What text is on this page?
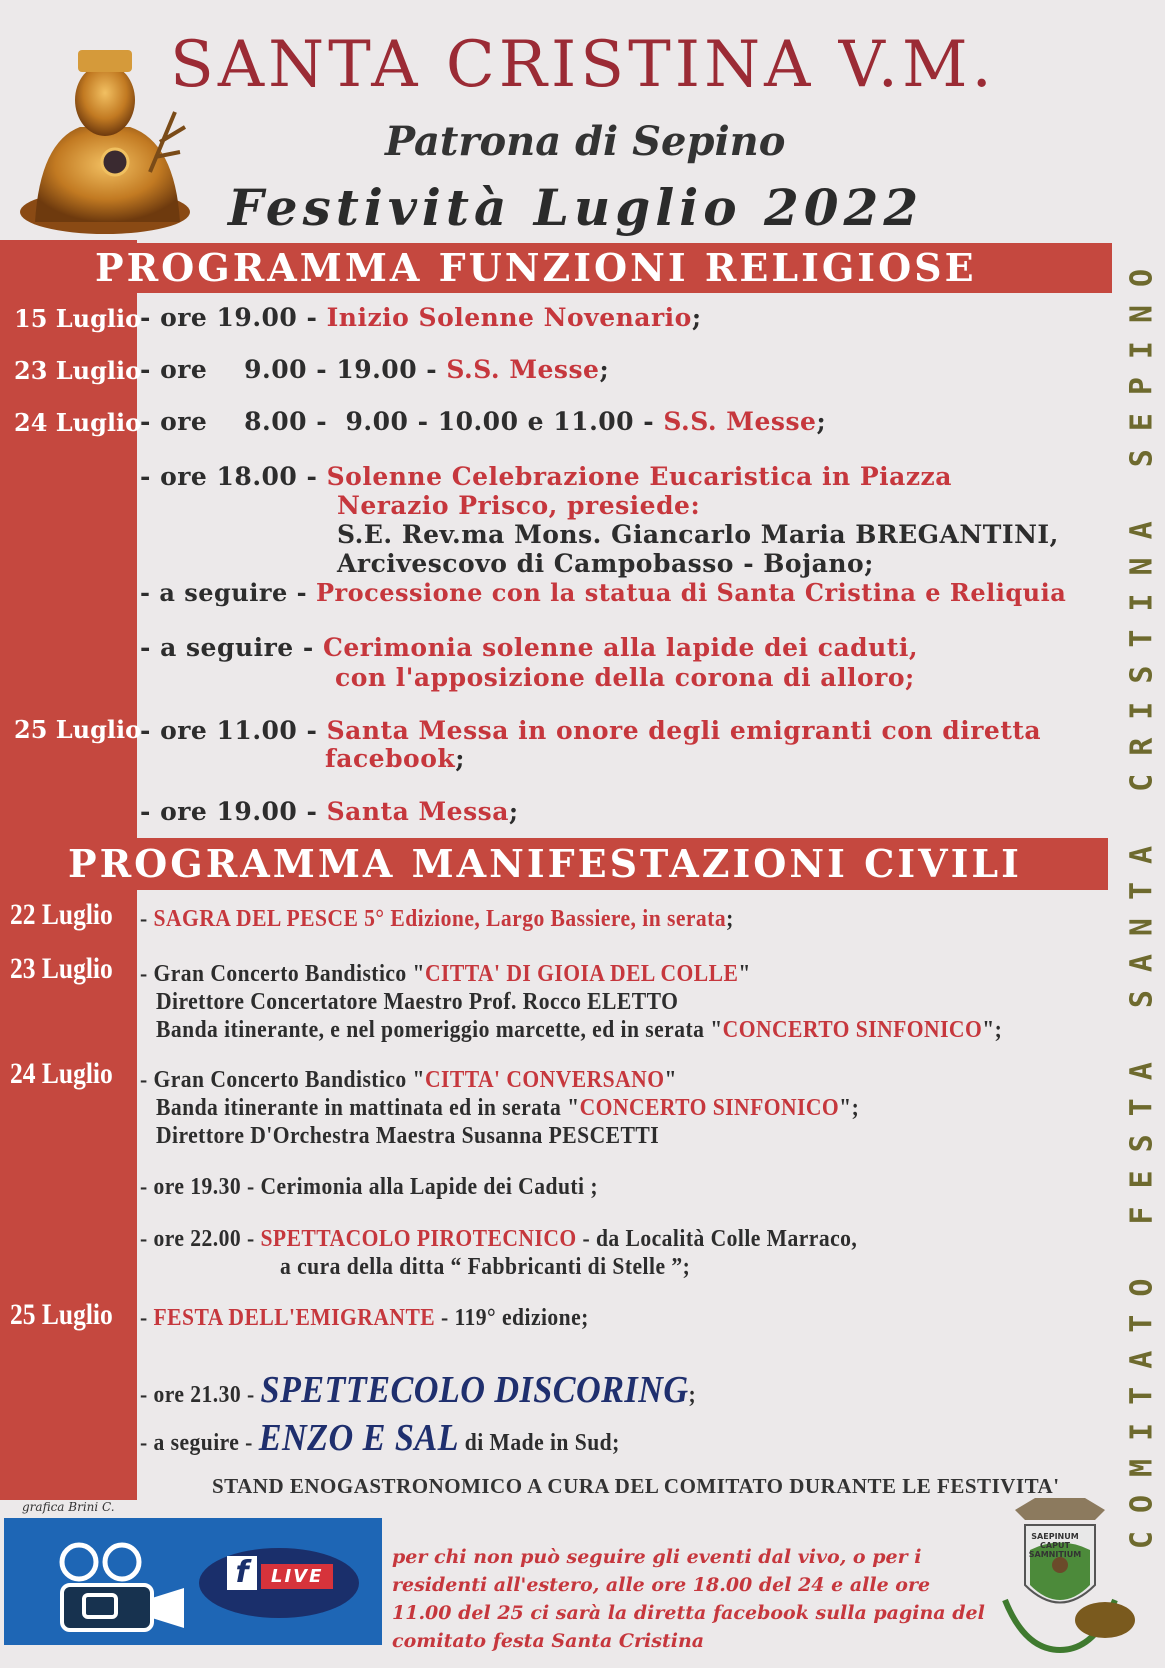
SANTA CRISTINA V.M.
Patrona di Sepino
Festività Luglio 2022
PROGRAMMA FUNZIONI RELIGIOSE
15 Luglio
23 Luglio
24 Luglio
25 Luglio
- ore 19.00 - Inizio Solenne Novenario;
- ore    9.00 - 19.00 - S.S. Messe;
- ore    8.00 -  9.00 - 10.00 e 11.00 - S.S. Messe;
- ore 18.00 - Solenne Celebrazione Eucaristica in Piazza
Nerazio Prisco, presiede:
S.E. Rev.ma Mons. Giancarlo Maria BREGANTINI,
Arcivescovo di Campobasso - Bojano;
- a seguire - Processione con la statua di Santa Cristina e Reliquia
- a seguire - Cerimonia solenne alla lapide dei caduti,
con l'apposizione della corona di alloro;
- ore 11.00 - Santa Messa in onore degli emigranti con diretta
facebook;
- ore 19.00 - Santa Messa;
PROGRAMMA MANIFESTAZIONI CIVILI
22 Luglio
23 Luglio
24 Luglio
25 Luglio
- SAGRA DEL PESCE 5° Edizione, Largo Bassiere, in serata;
- Gran Concerto Bandistico "CITTA' DI GIOIA DEL COLLE"
Direttore Concertatore Maestro Prof. Rocco ELETTO
Banda itinerante, e nel pomeriggio marcette, ed in serata "CONCERTO SINFONICO";
- Gran Concerto Bandistico "CITTA' CONVERSANO"
Banda itinerante in mattinata ed in serata "CONCERTO SINFONICO";
Direttore D'Orchestra Maestra Susanna PESCETTI
- ore 19.30 - Cerimonia alla Lapide dei Caduti ;
- ore 22.00 - SPETTACOLO PIROTECNICO - da Località Colle Marraco,
a cura della ditta “ Fabbricanti di Stelle ”;
- FESTA DELL'EMIGRANTE - 119° edizione;
- ore 21.30 - SPETTECOLO DISCORING;
- a seguire - ENZO E SAL di Made in Sud;
STAND ENOGASTRONOMICO A CURA DEL COMITATO DURANTE LE FESTIVITA' COMITATO FESTA SANTA CRISTINA SEPINO
grafica Brini C.
f	LIVE
per chi non può seguire gli eventi dal vivo, o per i residenti all'estero, alle ore 18.00 del 24 e alle ore 11.00 del 25 ci sarà la diretta facebook sulla pagina del comitato festa Santa Cristina
SAEPINUM CAPUT SAMNITIUM
